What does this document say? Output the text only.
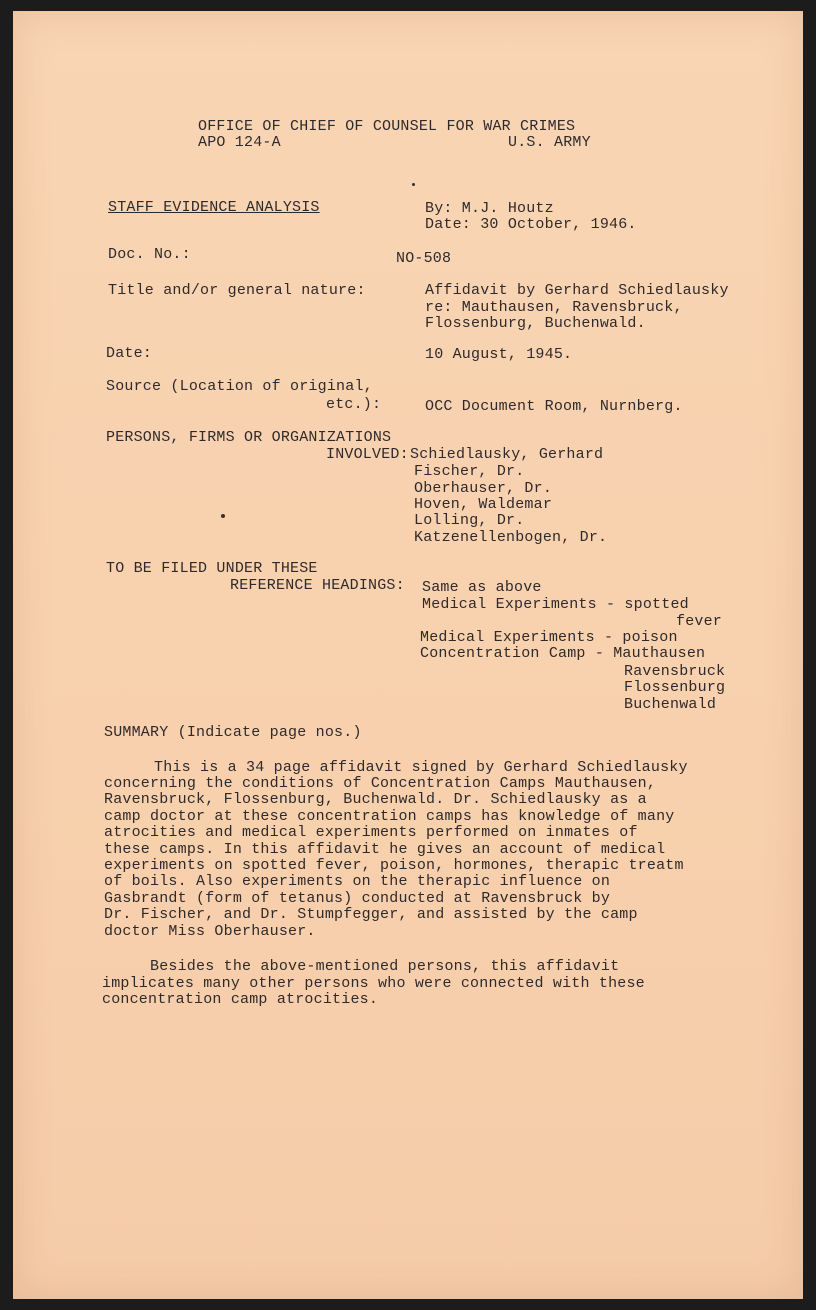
OFFICE OF CHIEF OF COUNSEL FOR WAR CRIMES
APO 124-A	U.S. ARMY
STAFF EVIDENCE ANALYSIS	By: M.J. Houtz
Date: 30 October, 1946.
Doc. No.:	NO-508
Title and/or general nature:	Affidavit by Gerhard Schiedlausky
re: Mauthausen, Ravensbruck,
Flossenburg, Buchenwald.
Date:	10 August, 1945.
Source (Location of original,
etc.):	OCC Document Room, Nurnberg.
PERSONS, FIRMS OR ORGANIZATIONS
INVOLVED: Schiedlausky, Gerhard
Fischer, Dr.
Oberhauser, Dr.
Hoven, Waldemar
Lolling, Dr.
Katzenellenbogen, Dr.
TO BE FILED UNDER THESE
REFERENCE HEADINGS: Same as above
Medical Experiments - spotted
fever
Medical Experiments - poison
Concentration Camp - Mauthausen
Ravensbruck
Flossenburg
Buchenwald
SUMMARY (Indicate page nos.)
This is a 34 page affidavit signed by Gerhard Schiedlausky
concerning the conditions of Concentration Camps Mauthausen,
Ravensbruck, Flossenburg, Buchenwald. Dr. Schiedlausky as a
camp doctor at these concentration camps has knowledge of many
atrocities and medical experiments performed on inmates of
these camps. In this affidavit he gives an account of medical
experiments on spotted fever, poison, hormones, therapic treatm
of boils. Also experiments on the therapic influence on
Gasbrandt (form of tetanus) conducted at Ravensbruck by
Dr. Fischer, and Dr. Stumpfegger, and assisted by the camp
doctor Miss Oberhauser.
Besides the above-mentioned persons, this affidavit
implicates many other persons who were connected with these
concentration camp atrocities.
